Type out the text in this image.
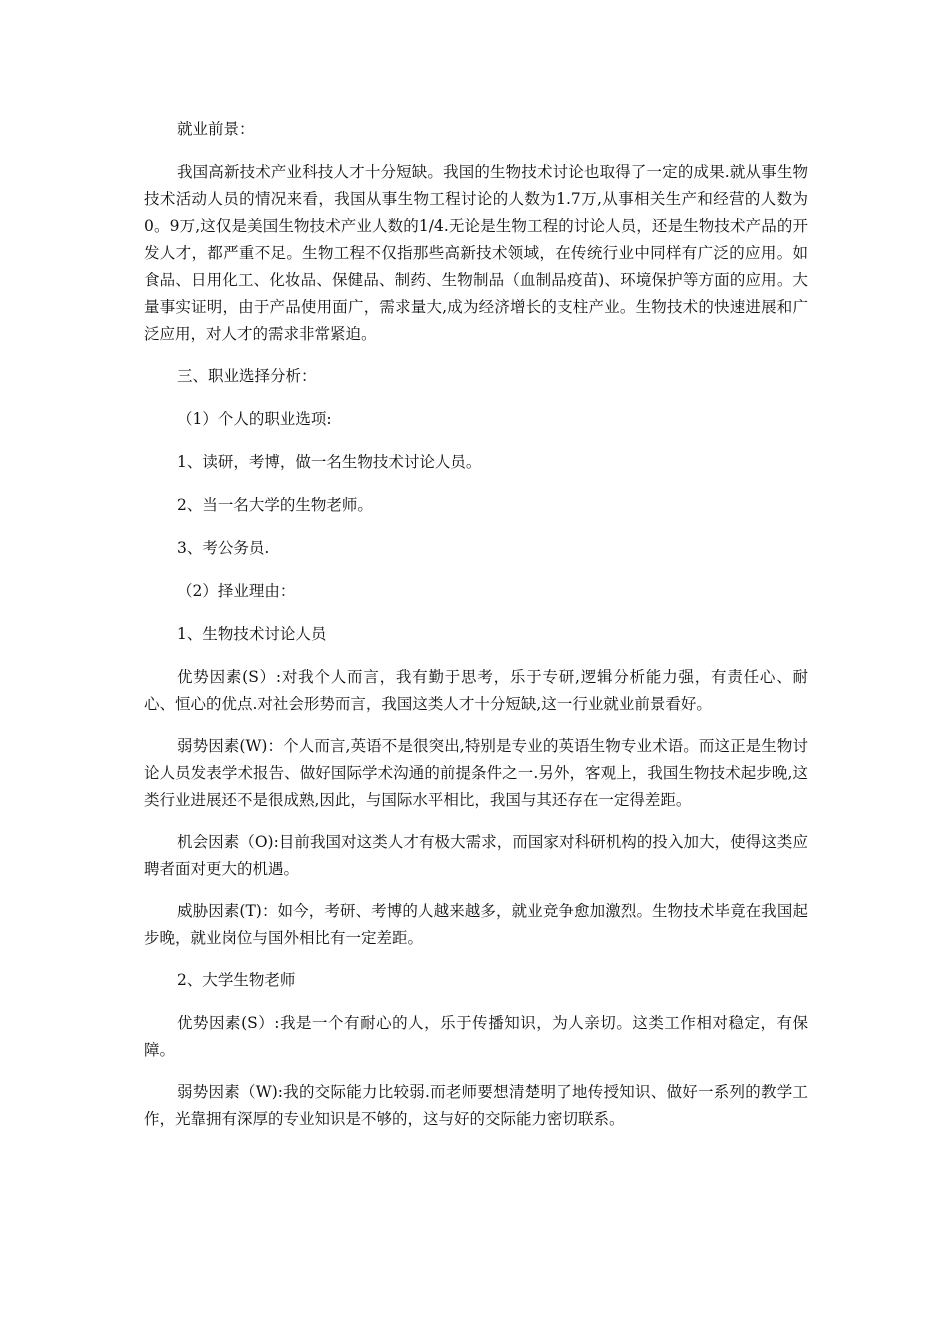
就业前景：

我国高新技术产业科技人才十分短缺。我国的生物技术讨论也取得了一定的成果.就从事生物技术活动人员的情况来看，我国从事生物工程讨论的人数为1.7万,从事相关生产和经营的人数为0。9万,这仅是美国生物技术产业人数的1/4.无论是生物工程的讨论人员，还是生物技术产品的开发人才，都严重不足。生物工程不仅指那些高新技术领域，在传统行业中同样有广泛的应用。如食品、日用化工、化妆品、保健品、制药、生物制品（血制品疫苗)、环境保护等方面的应用。大量事实证明，由于产品使用面广，需求量大,成为经济增长的支柱产业。生物技术的快速进展和广泛应用，对人才的需求非常紧迫。

三、职业选择分析：

（1）个人的职业选项:

1、读研，考博，做一名生物技术讨论人员。

2、当一名大学的生物老师。

3、考公务员.

（2）择业理由：

1、生物技术讨论人员

优势因素(S）:对我个人而言，我有勤于思考，乐于专研,逻辑分析能力强，有责任心、耐心、恒心的优点.对社会形势而言，我国这类人才十分短缺,这一行业就业前景看好。

弱势因素(W)：个人而言,英语不是很突出,特别是专业的英语生物专业术语。而这正是生物讨论人员发表学术报告、做好国际学术沟通的前提条件之一.另外，客观上，我国生物技术起步晚,这类行业进展还不是很成熟,因此，与国际水平相比，我国与其还存在一定得差距。

机会因素（O):目前我国对这类人才有极大需求，而国家对科研机构的投入加大，使得这类应聘者面对更大的机遇。

威胁因素(T)：如今，考研、考博的人越来越多，就业竞争愈加激烈。生物技术毕竟在我国起步晚，就业岗位与国外相比有一定差距。

2、大学生物老师

优势因素(S）:我是一个有耐心的人，乐于传播知识，为人亲切。这类工作相对稳定，有保障。

弱势因素（W):我的交际能力比较弱.而老师要想清楚明了地传授知识、做好一系列的教学工作，光靠拥有深厚的专业知识是不够的，这与好的交际能力密切联系。
